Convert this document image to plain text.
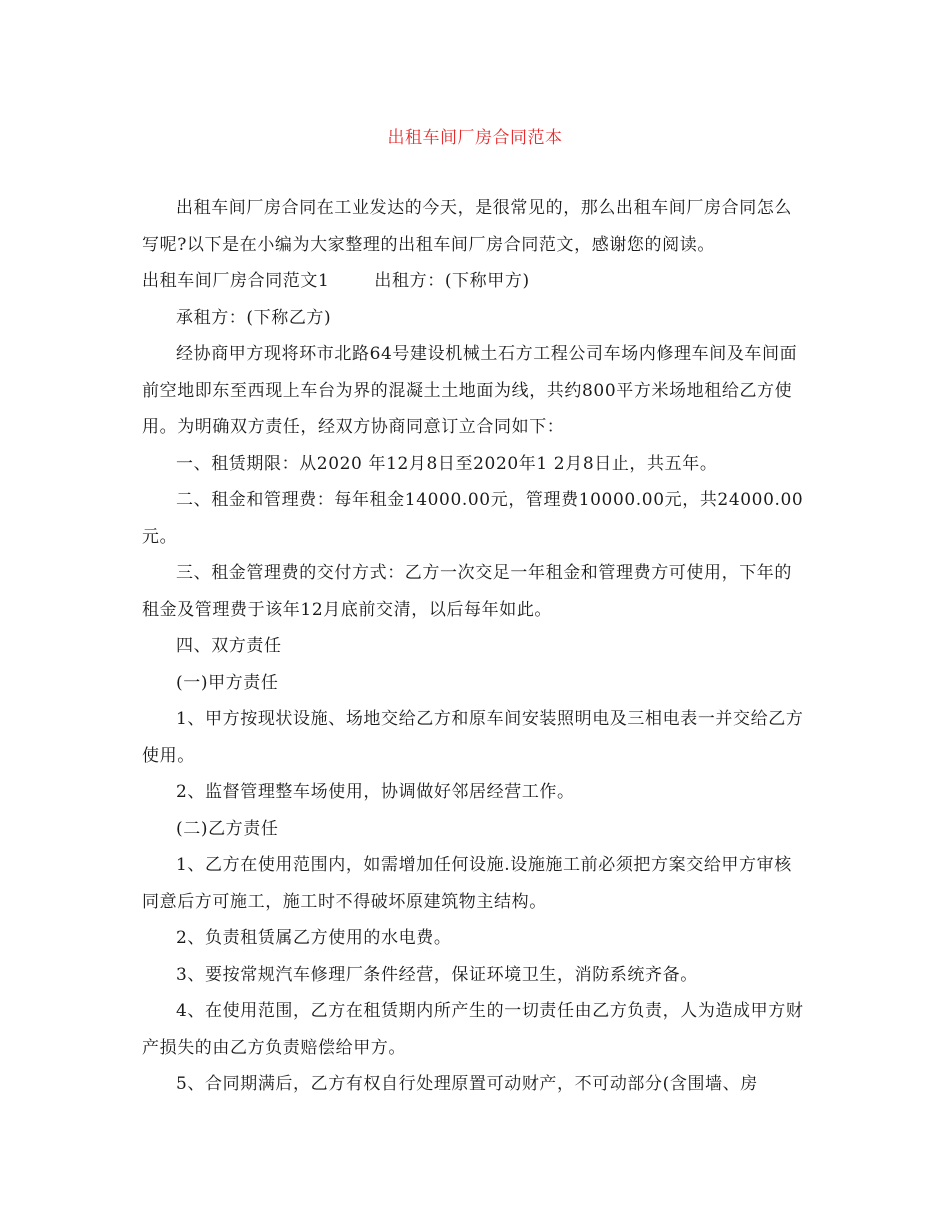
出租车间厂房合同范本

出租车间厂房合同在工业发达的今天，是很常见的，那么出租车间厂房合同怎么写呢?以下是在小编为大家整理的出租车间厂房合同范文，感谢您的阅读。

出租车间厂房合同范文1	出租方：(下称甲方)

承租方：(下称乙方)

经协商甲方现将环市北路64号建设机械土石方工程公司车场内修理车间及车间面前空地即东至西现上车台为界的混凝土土地面为线，共约800平方米场地租给乙方使用。为明确双方责任，经双方协商同意订立合同如下：

一、租赁期限：从2020 年12月8日至2020年1 2月8日止，共五年。

二、租金和管理费：每年租金14000.00元，管理费10000.00元，共24000.00元。

三、租金管理费的交付方式：乙方一次交足一年租金和管理费方可使用，下年的租金及管理费于该年12月底前交清，以后每年如此。

四、双方责任

(一)甲方责任

1、甲方按现状设施、场地交给乙方和原车间安装照明电及三相电表一并交给乙方使用。

2、监督管理整车场使用，协调做好邻居经营工作。

(二)乙方责任

1、乙方在使用范围内，如需增加任何设施.设施施工前必须把方案交给甲方审核同意后方可施工，施工时不得破坏原建筑物主结构。

2、负责租赁属乙方使用的水电费。

3、要按常规汽车修理厂条件经营，保证环境卫生，消防系统齐备。

4、在使用范围，乙方在租赁期内所产生的一切责任由乙方负责，人为造成甲方财产损失的由乙方负责赔偿给甲方。

5、合同期满后，乙方有权自行处理原置可动财产，不可动部分(含围墙、房
